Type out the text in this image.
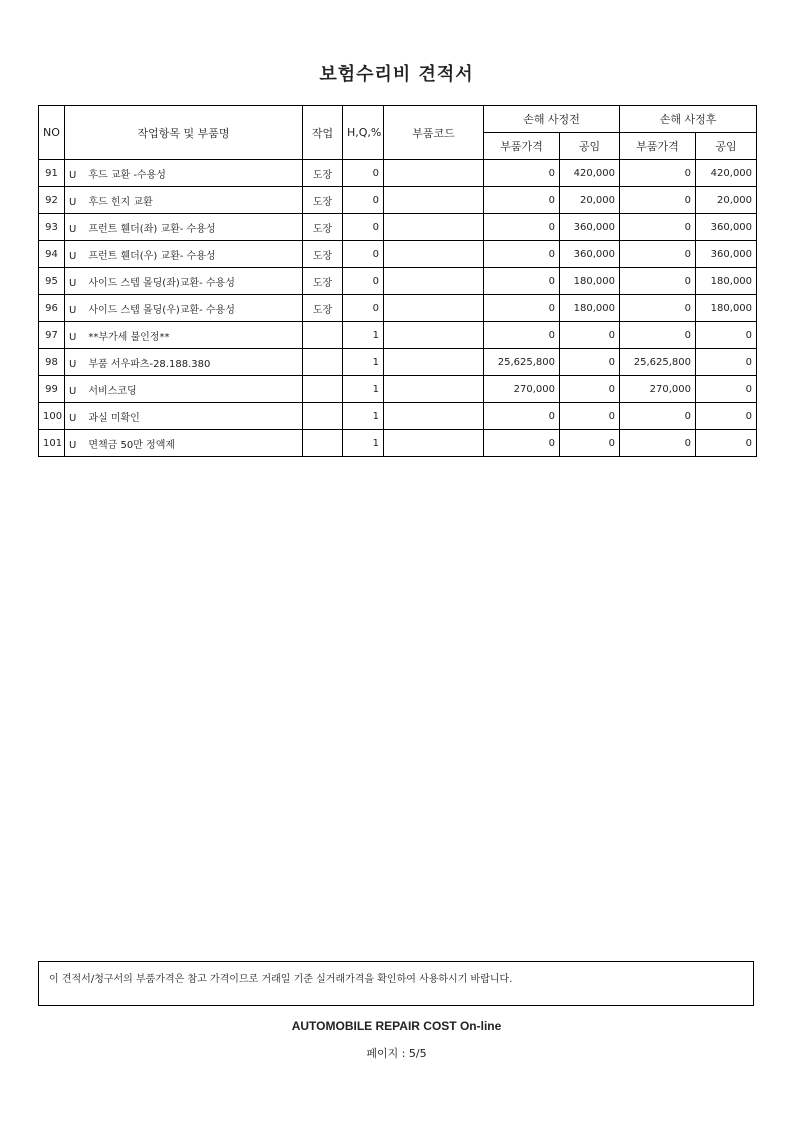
보험수리비 견적서
NO	작업항목 및 부품명	작업	H,Q,%	부품코드	손해 사정전		손해 사정후	
					부품가격	공임	부품가격	공임
91	U 후드 교환 -수용성	도장	0		0	420,000	0	420,000
92	U 후드 힌지 교환	도장	0		0	20,000	0	20,000
93	U 프런트 휀더(좌) 교환- 수용성	도장	0		0	360,000	0	360,000
94	U 프런트 휀더(우) 교환- 수용성	도장	0		0	360,000	0	360,000
95	U 사이드 스텝 몰딩(좌)교환- 수용성	도장	0		0	180,000	0	180,000
96	U 사이드 스텝 몰딩(우)교환- 수용성	도장	0		0	180,000	0	180,000
97	U **부가세 불인정**		1		0	0	0	0
98	U 부품 서우파츠-28.188.380		1		25,625,800	0	25,625,800	0
99	U 서비스코딩		1		270,000	0	270,000	0
100	U 과실 미확인		1		0	0	0	0
101	U 면책금 50만 정액제		1		0	0	0	0
이 견적서/청구서의 부품가격은 참고 가격이므로 거래일 기준 실거래가격을 확인하여 사용하시기 바랍니다.
AUTOMOBILE REPAIR COST On-line
페이지 : 5/5
